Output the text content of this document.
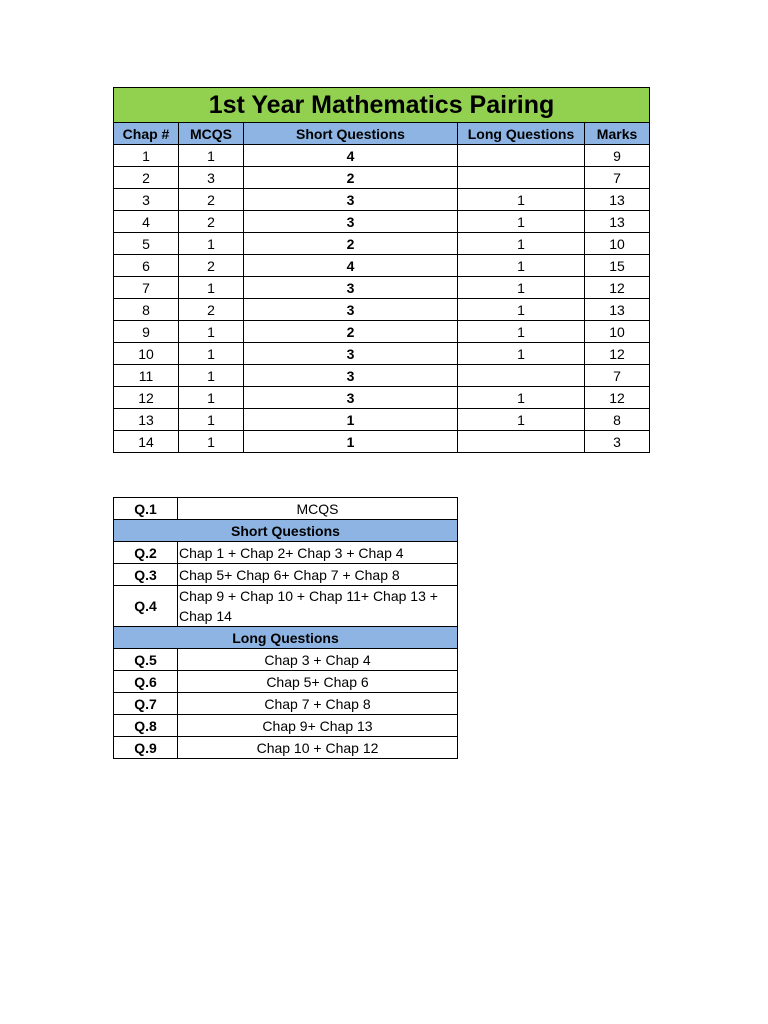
1st Year Mathematics Pairing				
Chap #	MCQS	Short Questions	Long Questions	Marks
1	1	4		9
2	3	2		7
3	2	3	1	13
4	2	3	1	13
5	1	2	1	10
6	2	4	1	15
7	1	3	1	12
8	2	3	1	13
9	1	2	1	10
10	1	3	1	12
11	1	3		7
12	1	3	1	12
13	1	1	1	8
14	1	1		3
Q.1	MCQS
Short Questions	
Q.2	Chap 1 + Chap 2+ Chap 3 + Chap 4
Q.3	Chap 5+ Chap 6+ Chap 7 + Chap 8
Q.4	Chap 9 + Chap 10 + Chap 11+ Chap 13 + Chap 14
Long Questions	
Q.5	Chap 3 + Chap 4
Q.6	Chap 5+ Chap 6
Q.7	Chap 7 + Chap 8
Q.8	Chap 9+ Chap 13
Q.9	Chap 10 + Chap 12
